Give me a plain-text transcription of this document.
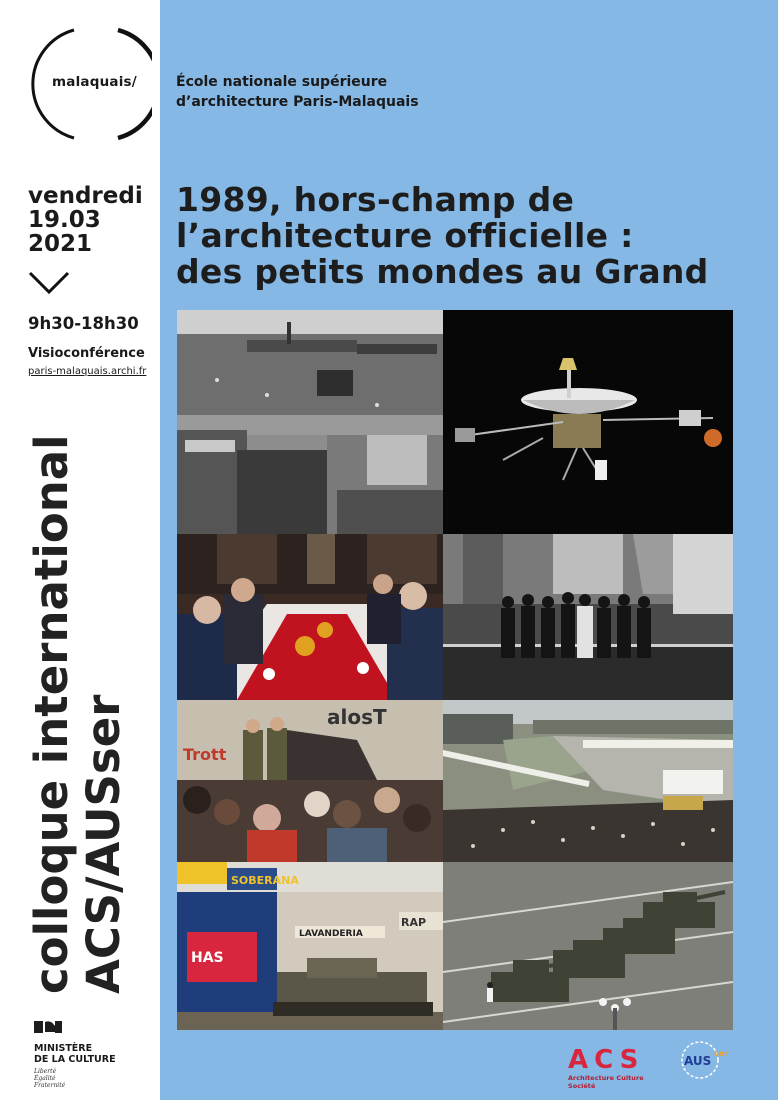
malaquais/	École nationale supérieure
d’architecture Paris-Malaquais
vendredi
19.03
2021
9h30-18h30
Visioconférence
paris-malaquais.archi.fr
colloque international ACS/AUSser
MINISTÈRE
DE LA CULTURE
Liberté
Égalité
Fraternité
1989, hors-champ de
l’architecture officielle :
des petits mondes au Grand
alosT
Trott
SOBERANA
HAS
LAVANDERIA
RAP
ACS
Architecture Culture Société
AUS
ser
